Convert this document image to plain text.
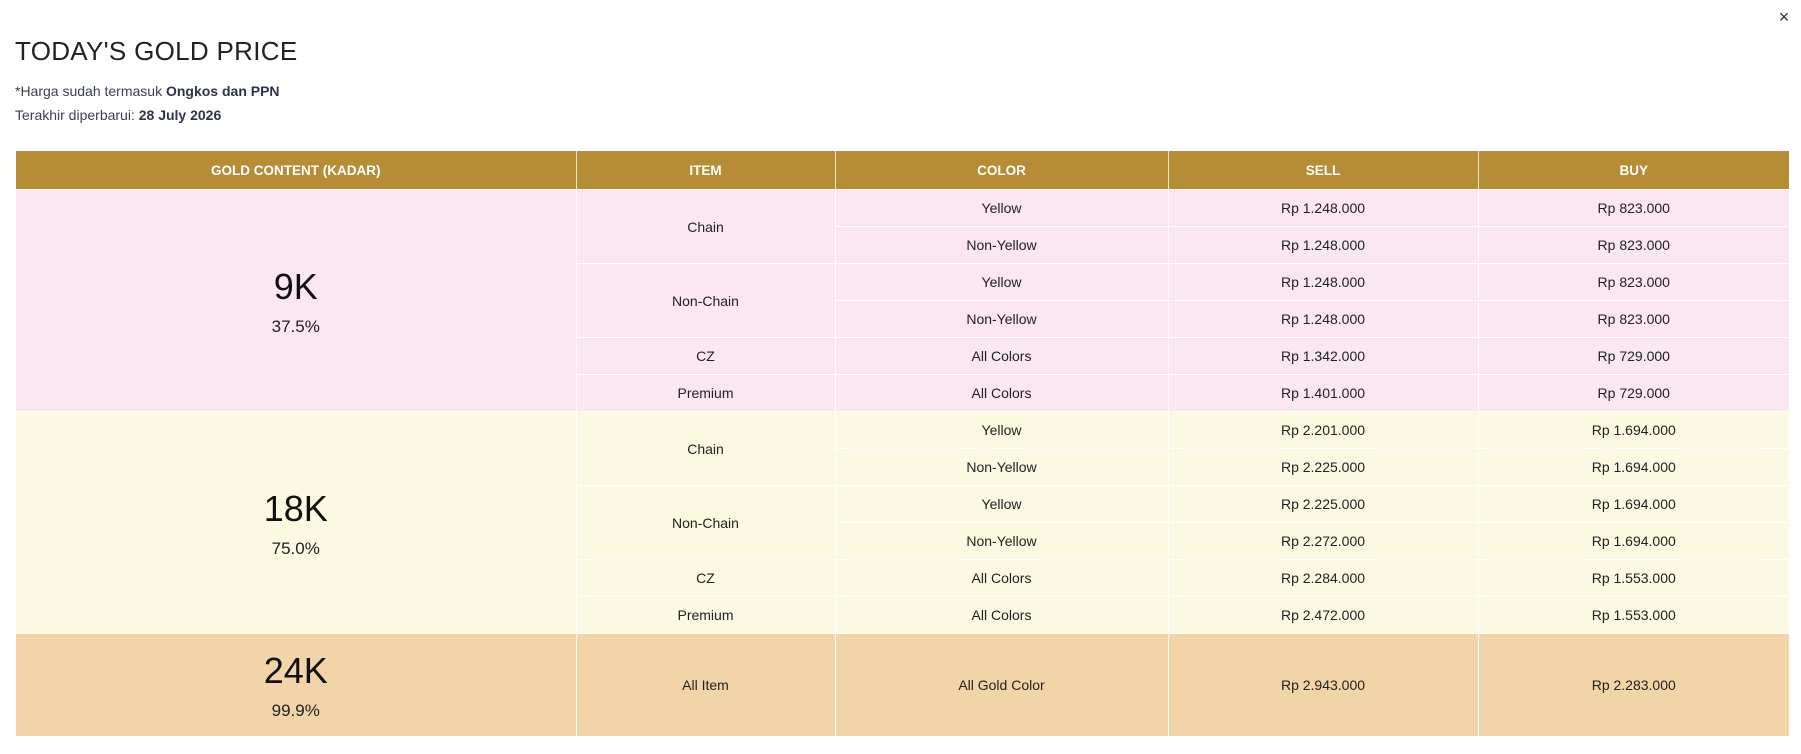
×
TODAY'S GOLD PRICE
*Harga sudah termasuk Ongkos dan PPN
Terakhir diperbarui: 28 July 2026
GOLD CONTENT (KADAR)	ITEM	COLOR	SELL	BUY

9K
37.5%	Chain	Yellow	Rp 1.248.000	Rp 823.000
		Non-Yellow	Rp 1.248.000	Rp 823.000
	Non-Chain	Yellow	Rp 1.248.000	Rp 823.000
		Non-Yellow	Rp 1.248.000	Rp 823.000
	CZ	All Colors	Rp 1.342.000	Rp 729.000
	Premium	All Colors	Rp 1.401.000	Rp 729.000

18K
75.0%	Chain	Yellow	Rp 2.201.000	Rp 1.694.000
		Non-Yellow	Rp 2.225.000	Rp 1.694.000
	Non-Chain	Yellow	Rp 2.225.000	Rp 1.694.000
		Non-Yellow	Rp 2.272.000	Rp 1.694.000
	CZ	All Colors	Rp 2.284.000	Rp 1.553.000
	Premium	All Colors	Rp 2.472.000	Rp 1.553.000

24K
99.9%	All Item	All Gold Color	Rp 2.943.000	Rp 2.283.000
